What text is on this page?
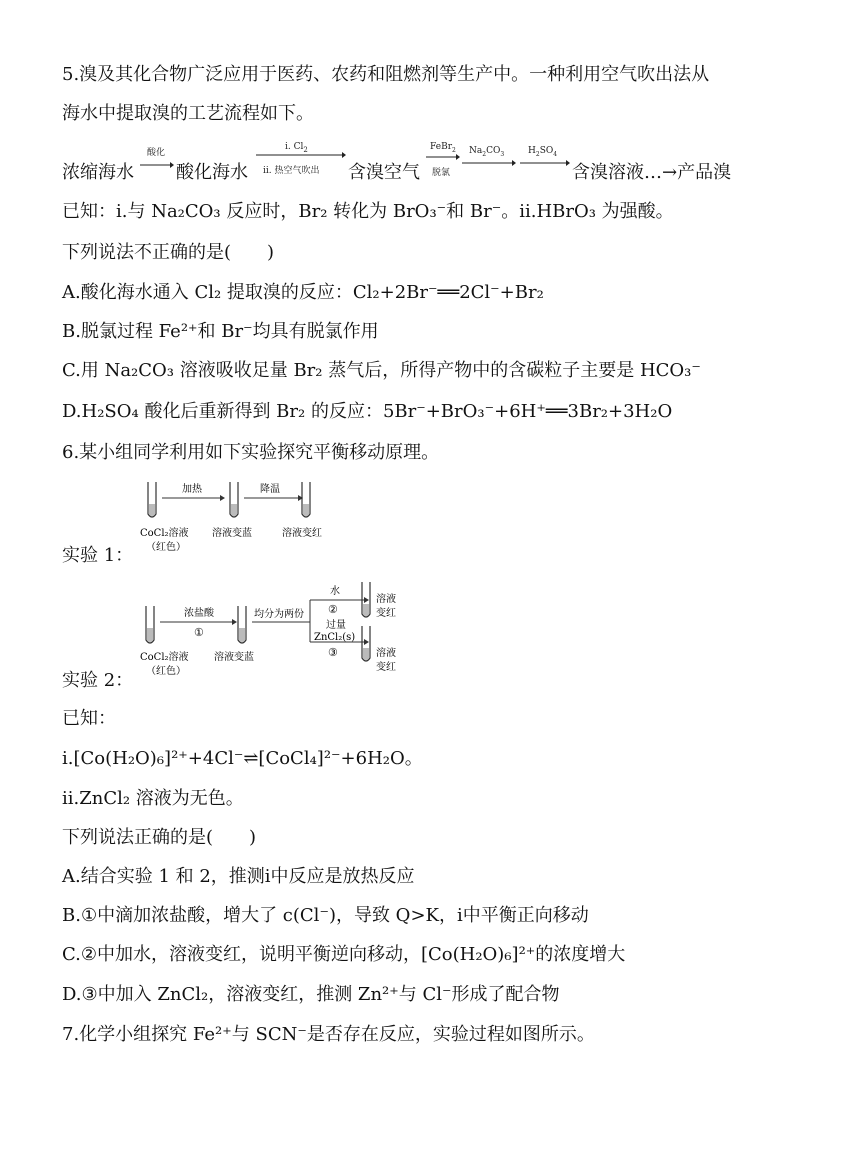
5.溴及其化合物广泛应用于医药、农药和阻燃剂等生产中。一种利用空气吹出法从
海水中提取溴的工艺流程如下。
浓缩海水
酸化
酸化海水
ⅰ. $Cl_2$
ⅱ. 热空气吹出 含溴空气
FeBr$_2$
脱氯
$Na_2CO_3$	$H_2SO_4$
含溴溶液…→产品溴
已知：ⅰ.与 Na₂CO₃ 反应时，Br₂ 转化为 BrO₃⁻和 Br⁻。ⅱ.HBrO₃ 为强酸。
下列说法不正确的是(　　)
A.酸化海水通入 Cl₂ 提取溴的反应：Cl₂+2Br⁻══2Cl⁻+Br₂
B.脱氯过程 Fe²⁺和 Br⁻均具有脱氯作用
C.用 Na₂CO₃ 溶液吸收足量 Br₂ 蒸气后，所得产物中的含碳粒子主要是 HCO₃⁻
D.H₂SO₄ 酸化后重新得到 Br₂ 的反应：5Br⁻+BrO₃⁻+6H⁺══3Br₂+3H₂O
6.某小组同学利用如下实验探究平衡移动原理。
加热	降温
CoCl₂溶液
（红色）
溶液变蓝	溶液变红
实验 1：
浓盐酸
①
均分为两份
水
②
过量
ZnCl₂(s)
③
溶液
变红
溶液
变红
CoCl₂溶液
（红色）
溶液变蓝
实验 2：
已知：
ⅰ.[Co(H₂O)₆]²⁺+4Cl⁻⇌[CoCl₄]²⁻+6H₂O。
ⅱ.ZnCl₂ 溶液为无色。
下列说法正确的是(　　)
A.结合实验 1 和 2，推测ⅰ中反应是放热反应
B.①中滴加浓盐酸，增大了 c(Cl⁻)，导致 Q>K，ⅰ中平衡正向移动
C.②中加水，溶液变红，说明平衡逆向移动，[Co(H₂O)₆]²⁺的浓度增大
D.③中加入 ZnCl₂，溶液变红，推测 Zn²⁺与 Cl⁻形成了配合物
7.化学小组探究 Fe²⁺与 SCN⁻是否存在反应，实验过程如图所示。
